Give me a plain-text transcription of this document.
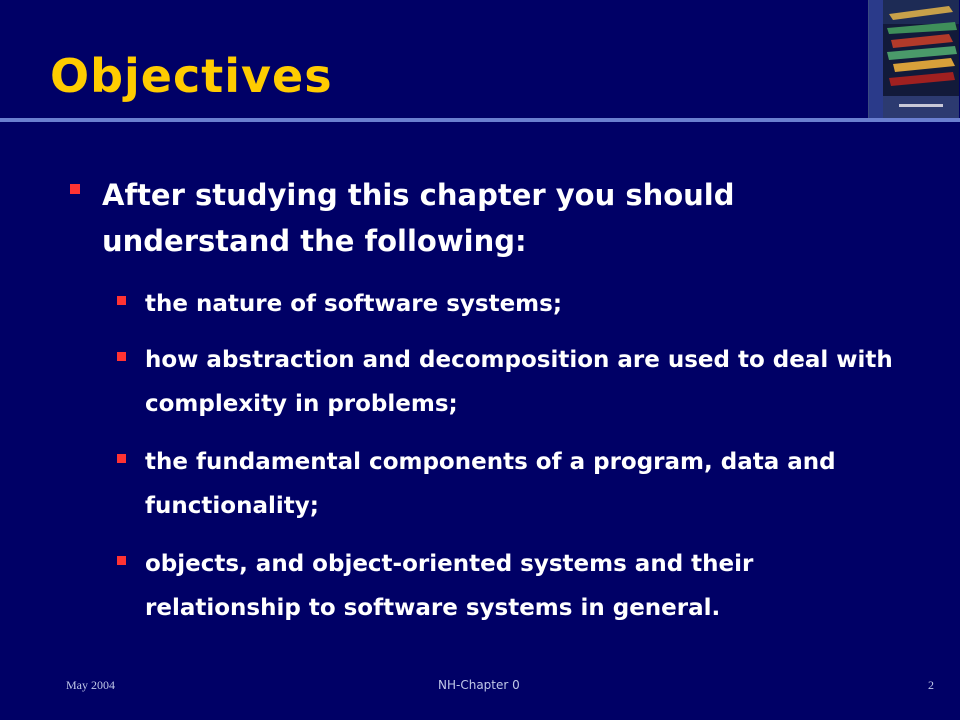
Objectives
After studying this chapter you should understand the following:
the nature of software systems;
how abstraction and decomposition are used to deal with complexity in problems;
the fundamental components of a program, data and functionality;
objects, and object-oriented systems and their relationship to software systems in general.
May 2004	NH-Chapter 0	2
